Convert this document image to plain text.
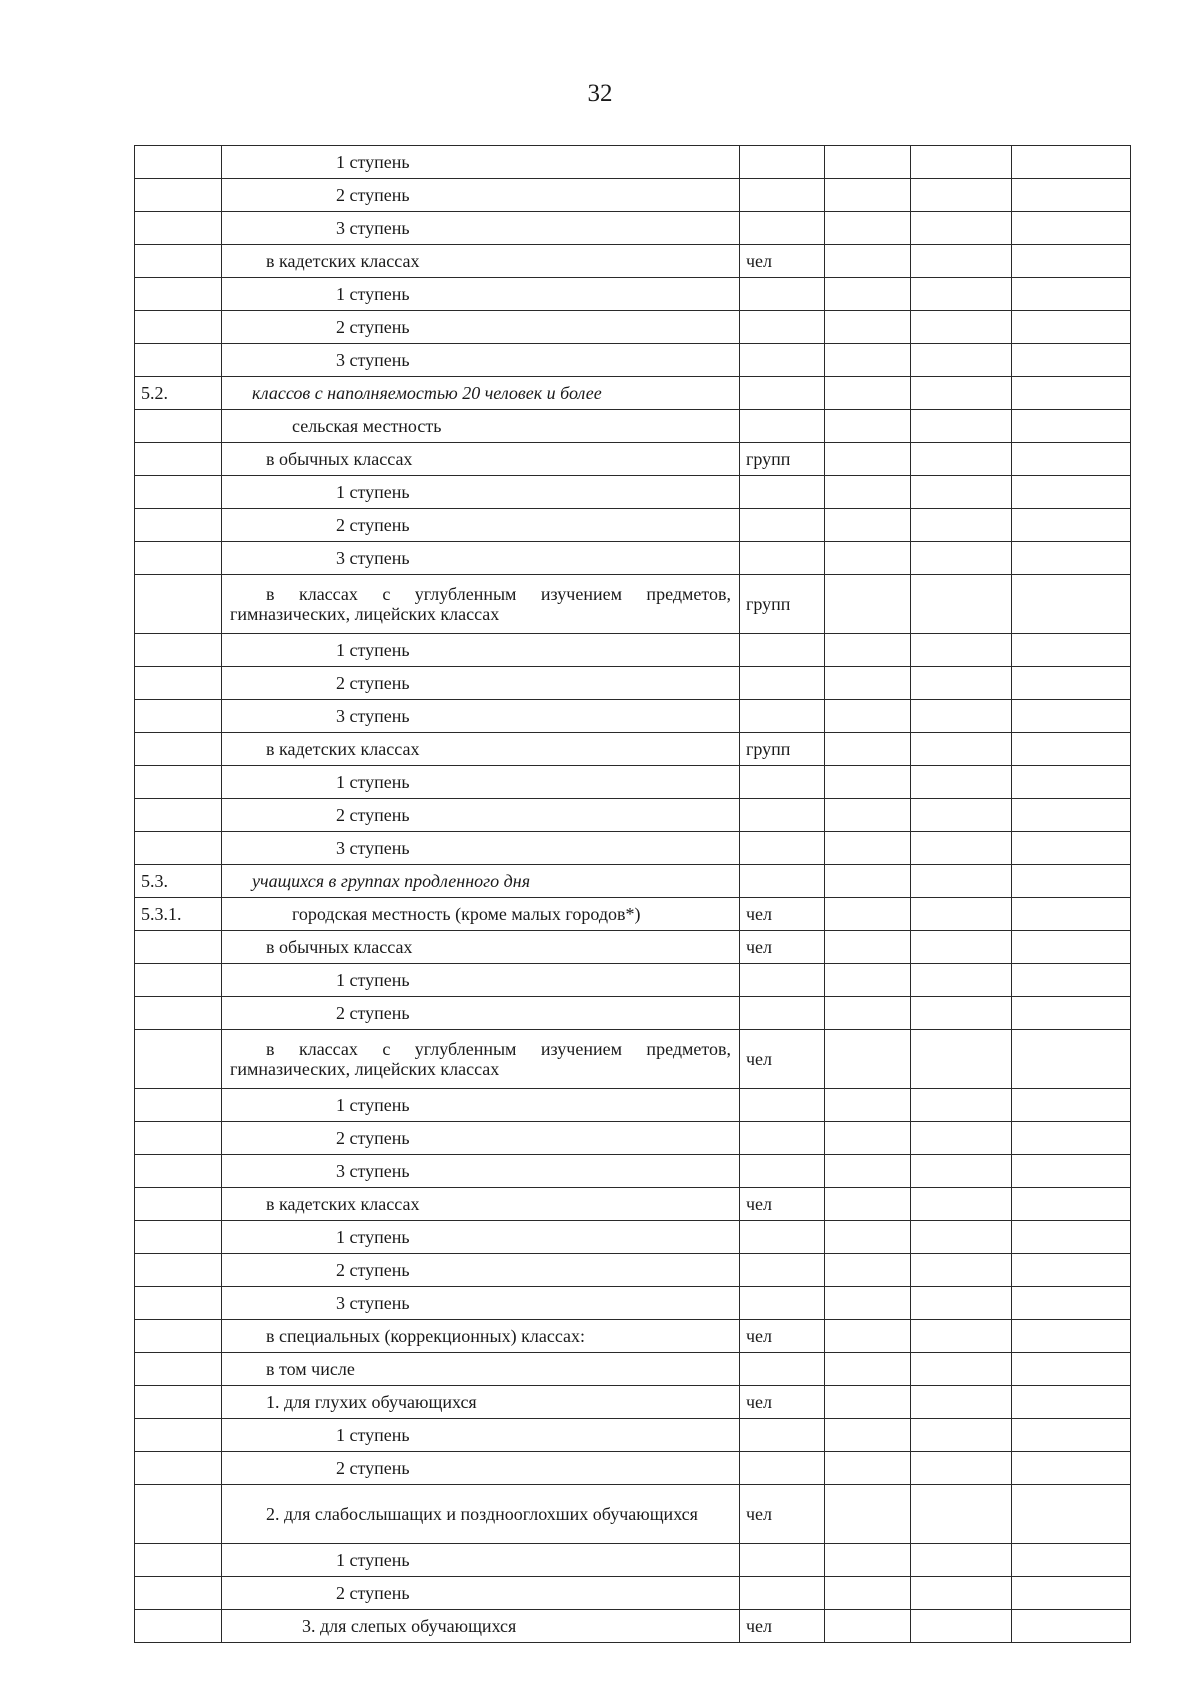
32
	1 ступень				
	2 ступень				
	3 ступень				
	в кадетских классах	чел			
	1 ступень				
	2 ступень				
	3 ступень				
5.2.	классов с наполняемостью 20 человек и более				
	сельская местность				
	в обычных классах	групп			
	1 ступень				
	2 ступень				
	3 ступень				
	в классах с углубленным изучением предметов, гимназических, лицейских классах	групп			
	1 ступень				
	2 ступень				
	3 ступень				
	в кадетских классах	групп			
	1 ступень				
	2 ступень				
	3 ступень				
5.3.	учащихся в группах продленного дня				
5.3.1.	городская местность (кроме малых городов*)	чел			
	в обычных классах	чел			
	1 ступень				
	2 ступень				
	в классах с углубленным изучением предметов, гимназических, лицейских классах	чел			
	1 ступень				
	2 ступень				
	3 ступень				
	в кадетских классах	чел			
	1 ступень				
	2 ступень				
	3 ступень				
	в специальных (коррекционных) классах:	чел			
	в том числе				
	1. для глухих обучающихся	чел			
	1 ступень				
	2 ступень				
	2. для слабослышащих и позднооглохших обучающихся	чел			
	1 ступень				
	2 ступень				
	3. для слепых обучающихся	чел			
